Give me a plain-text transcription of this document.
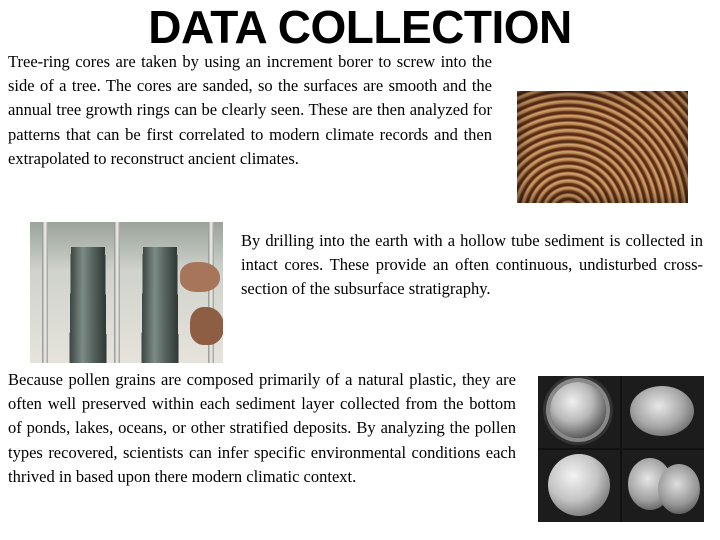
DATA COLLECTION

Tree-ring cores are taken by using an increment borer to screw into the side of a tree. The cores are sanded, so the surfaces are smooth and the annual tree growth rings can be clearly seen. These are then analyzed for patterns that can be first correlated to modern climate records and then extrapolated to reconstruct ancient climates.

By drilling into the earth with a hollow tube sediment is collected in intact cores. These provide an often continuous, undisturbed cross-section of the subsurface stratigraphy.

Because pollen grains are composed primarily of a natural plastic, they are often well preserved within each sediment layer collected from the bottom of ponds, lakes, oceans, or other stratified deposits. By analyzing the pollen types recovered, scientists can infer specific environmental conditions each thrived in based upon there modern climatic context.
